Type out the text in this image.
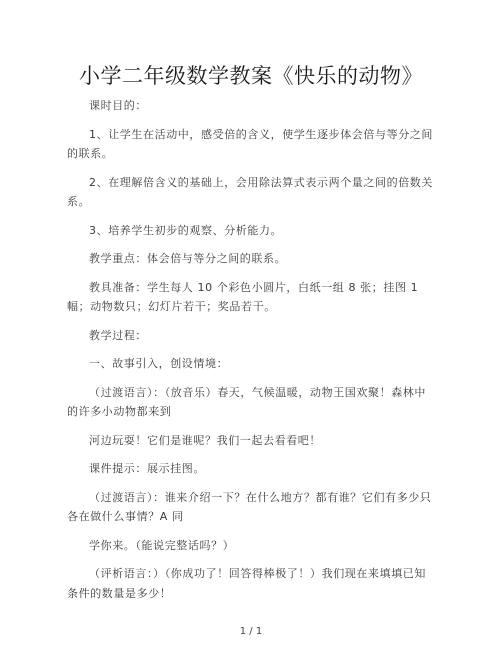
小学二年级数学教案《快乐的动物》

课时目的：

1、让学生在活动中，感受倍的含义，使学生逐步体会倍与等分之间的联系。

2、在理解倍含义的基础上，会用除法算式表示两个量之间的倍数关系。

3、培养学生初步的观察、分析能力。

教学重点：体会倍与等分之间的联系。

教具准备：学生每人 10 个彩色小圆片，白纸一组 8 张；挂图 1 幅；动物数只；幻灯片若干；奖品若干。

教学过程：

一、故事引入，创设情境：

（过渡语言）：（放音乐）春天，气候温暖，动物王国欢聚！森林中的许多小动物都来到

河边玩耍！它们是谁呢？我们一起去看看吧！

课件提示：展示挂图。

（过渡语言）：谁来介绍一下？在什么地方？都有谁？它们有多少只各在做什么事情？A 同

学你来。（能说完整话吗？）

（评析语言：）（你成功了！回答得棒极了！）我们现在来填填已知条件的数量是多少！

1 / 1
